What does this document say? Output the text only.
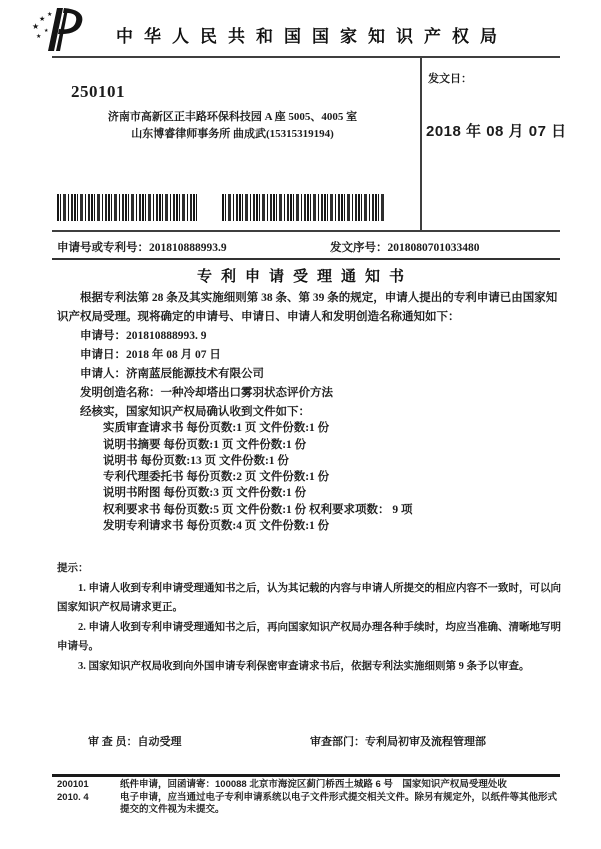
★
★ ★
★
★	中华人民共和国国家知识产权局
250101
济南市高新区正丰路环保科技园 A 座 5005、4005 室
山东博睿律师事务所 曲成武(15315319194)
发文日：
2018 年 08 月 07 日
申请号或专利号：201810888993.9	发文序号：2018080701033480
专利申请受理通知书

根据专利法第 28 条及其实施细则第 38 条、第 39 条的规定，申请人提出的专利申请已由国家知识产权局受理。现将确定的申请号、申请日、申请人和发明创造名称通知如下：

申请号：201810888993. 9
申请日：2018 年 08 月 07 日
申请人：济南蓝辰能源技术有限公司
发明创造名称：一种冷却塔出口雾羽状态评价方法
经核实，国家知识产权局确认收到文件如下：
实质审查请求书 每份页数:1 页 文件份数:1 份
说明书摘要 每份页数:1 页 文件份数:1 份
说明书 每份页数:13 页 文件份数:1 份
专利代理委托书 每份页数:2 页 文件份数:1 份
说明书附图 每份页数:3 页 文件份数:1 份
权利要求书 每份页数:5 页 文件份数:1 份 权利要求项数： 9 项
发明专利请求书 每份页数:4 页 文件份数:1 份

提示：

1. 申请人收到专利申请受理通知书之后，认为其记载的内容与申请人所提交的相应内容不一致时，可以向国家知识产权局请求更正。

2. 申请人收到专利申请受理通知书之后，再向国家知识产权局办理各种手续时，均应当准确、清晰地写明申请号。

3. 国家知识产权局收到向外国申请专利保密审查请求书后，依据专利法实施细则第 9 条予以审查。

审 查 员：自动受理	审查部门：专利局初审及流程管理部
200101	纸件申请，回函请寄：100088 北京市海淀区蓟门桥西土城路 6 号　国家知识产权局受理处收
2010. 4	电子申请，应当通过电子专利申请系统以电子文件形式提交相关文件。除另有规定外，以纸件等其他形式提交的文件视为未提交。
